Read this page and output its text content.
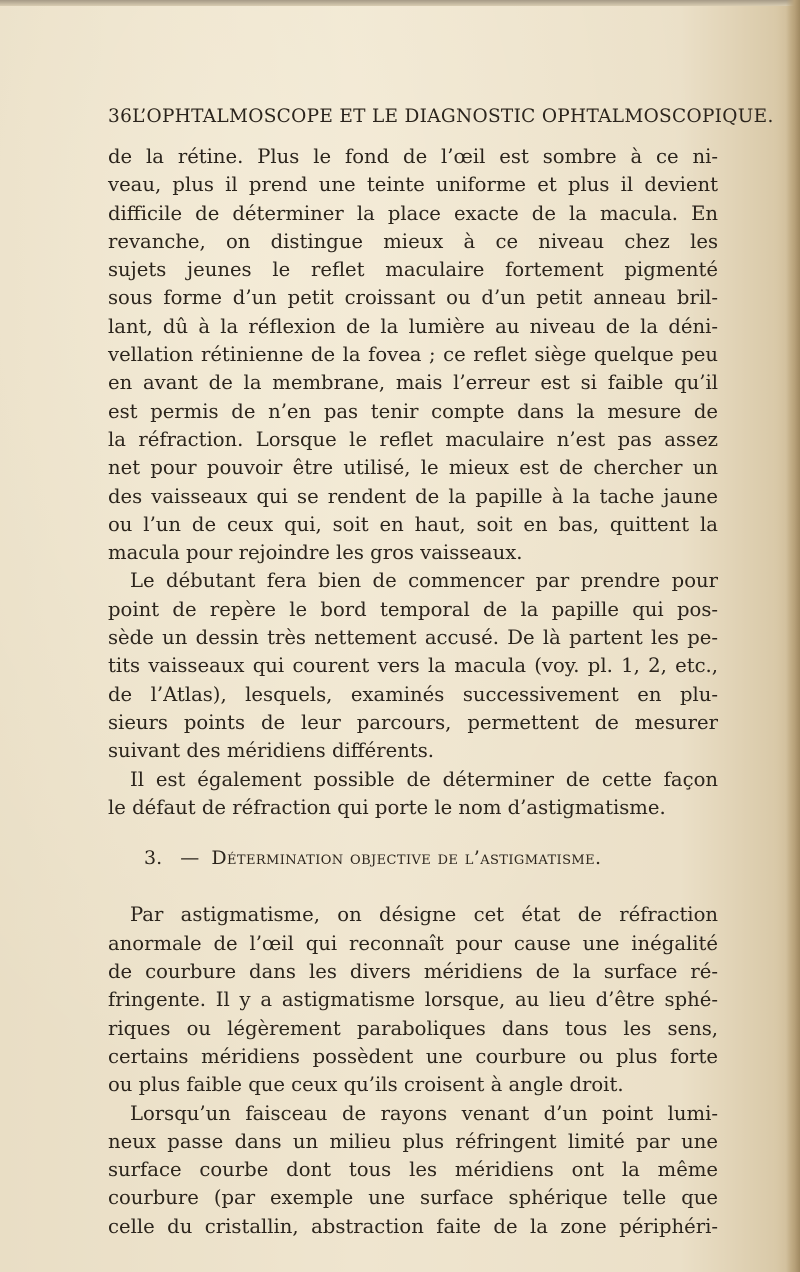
36 L’OPHTALMOSCOPE ET LE DIAGNOSTIC OPHTALMOSCOPIQUE.
de la rétine. Plus le fond de l’œil est sombre à ce ni-
veau, plus il prend une teinte uniforme et plus il devient
difficile de déterminer la place exacte de la macula. En
revanche, on distingue mieux à ce niveau chez les
sujets jeunes le reflet maculaire fortement pigmenté
sous forme d’un petit croissant ou d’un petit anneau bril-
lant, dû à la réflexion de la lumière au niveau de la déni-
vellation rétinienne de la fovea ; ce reflet siège quelque peu
en avant de la membrane, mais l’erreur est si faible qu’il
est permis de n’en pas tenir compte dans la mesure de
la réfraction. Lorsque le reflet maculaire n’est pas assez
net pour pouvoir être utilisé, le mieux est de chercher un
des vaisseaux qui se rendent de la papille à la tache jaune
ou l’un de ceux qui, soit en haut, soit en bas, quittent la
macula pour rejoindre les gros vaisseaux.
Le débutant fera bien de commencer par prendre pour
point de repère le bord temporal de la papille qui pos-
sède un dessin très nettement accusé. De là partent les pe-
tits vaisseaux qui courent vers la macula (voy. pl. 1, 2, etc.,
de l’Atlas), lesquels, examinés successivement en plu-
sieurs points de leur parcours, permettent de mesurer
suivant des méridiens différents.
Il est également possible de déterminer de cette façon
le défaut de réfraction qui porte le nom d’astigmatisme.
3. — Détermination objective de l’astigmatisme.
Par astigmatisme, on désigne cet état de réfraction
anormale de l’œil qui reconnaît pour cause une inégalité
de courbure dans les divers méridiens de la surface ré-
fringente. Il y a astigmatisme lorsque, au lieu d’être sphé-
riques ou légèrement paraboliques dans tous les sens,
certains méridiens possèdent une courbure ou plus forte
ou plus faible que ceux qu’ils croisent à angle droit.
Lorsqu’un faisceau de rayons venant d’un point lumi-
neux passe dans un milieu plus réfringent limité par une
surface courbe dont tous les méridiens ont la même
courbure (par exemple une surface sphérique telle que
celle du cristallin, abstraction faite de la zone périphéri-
